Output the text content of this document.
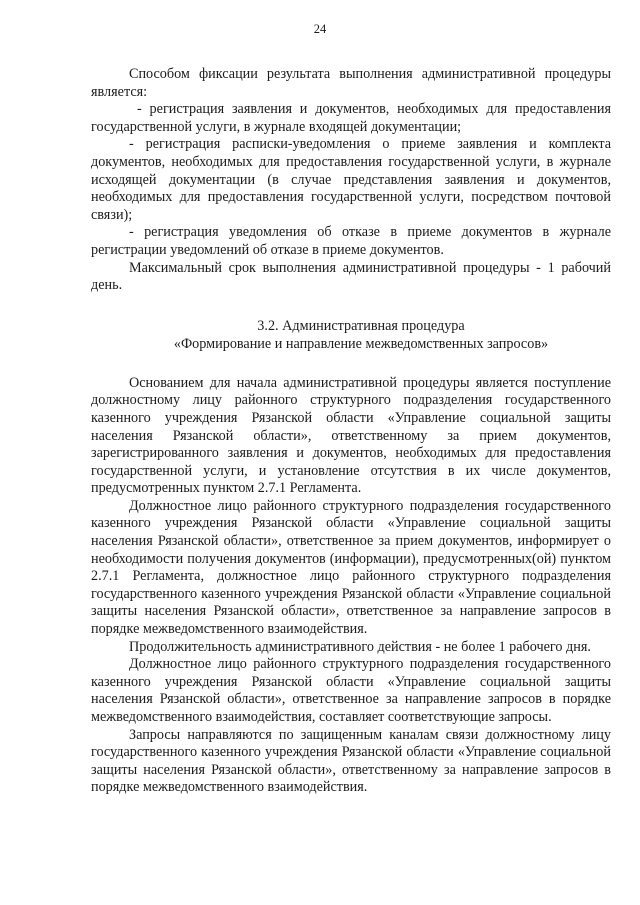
24

Способом фиксации результата выполнения административной процедуры является:

- регистрация заявления и документов, необходимых для предоставления государственной услуги, в журнале входящей документации;

- регистрация расписки-уведомления о приеме заявления и комплекта документов, необходимых для предоставления государственной услуги, в журнале исходящей документации (в случае представления заявления и документов, необходимых для предоставления государственной услуги, посредством почтовой связи);

- регистрация уведомления об отказе в приеме документов в журнале регистрации уведомлений об отказе в приеме документов.

Максимальный срок выполнения административной процедуры - 1 рабочий день.

3.2. Административная процедура

«Формирование и направление межведомственных запросов»

Основанием для начала административной процедуры является поступление должностному лицу районного структурного подразделения государственного казенного учреждения Рязанской области «Управление социальной защиты населения Рязанской области», ответственному за прием документов, зарегистрированного заявления и документов, необходимых для предоставления государственной услуги, и установление отсутствия в их числе документов, предусмотренных пунктом 2.7.1 Регламента.

Должностное лицо районного структурного подразделения государственного казенного учреждения Рязанской области «Управление социальной защиты населения Рязанской области», ответственное за прием документов, информирует о необходимости получения документов (информации), предусмотренных(ой) пунктом 2.7.1 Регламента, должностное лицо районного структурного подразделения государственного казенного учреждения Рязанской области «Управление социальной защиты населения Рязанской области», ответственное за направление запросов в порядке межведомственного взаимодействия.

Продолжительность административного действия - не более 1 рабочего дня.

Должностное лицо районного структурного подразделения государственного казенного учреждения Рязанской области «Управление социальной защиты населения Рязанской области», ответственное за направление запросов в порядке межведомственного взаимодействия, составляет соответствующие запросы.

Запросы направляются по защищенным каналам связи должностному лицу государственного казенного учреждения Рязанской области «Управление социальной защиты населения Рязанской области», ответственному за направление запросов в порядке межведомственного взаимодействия.
